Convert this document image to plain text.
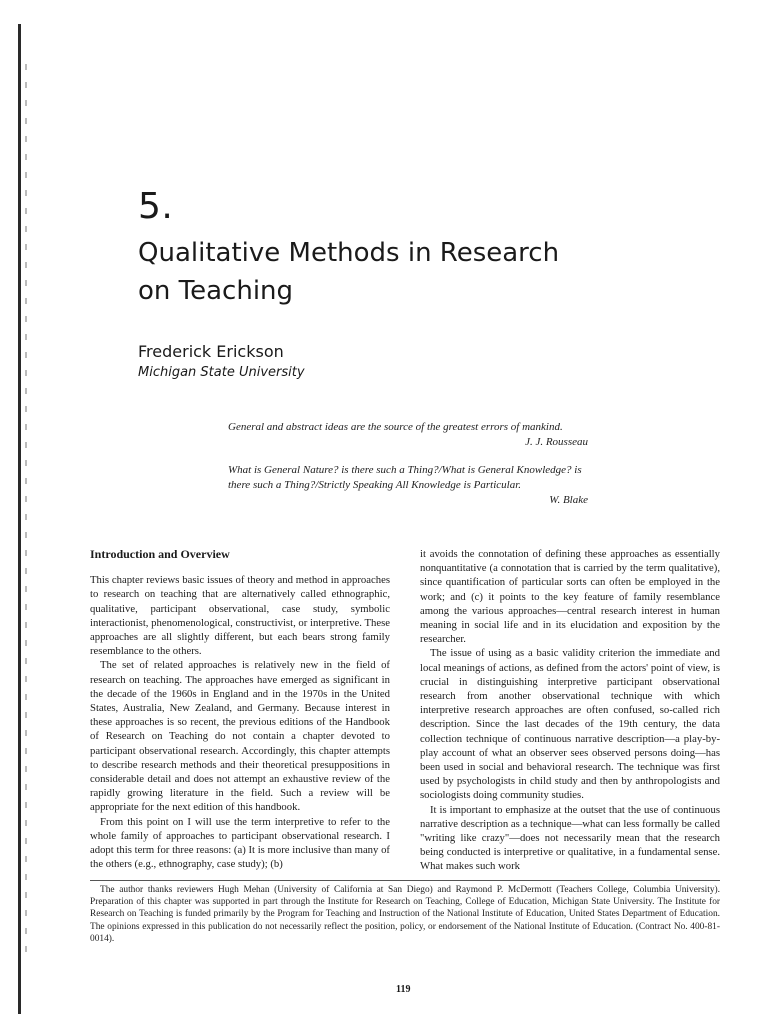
5.
Qualitative Methods in Research on Teaching
Frederick Erickson
Michigan State University
General and abstract ideas are the source of the greatest errors of mankind.
J. J. Rousseau
What is General Nature? is there such a Thing?/What is General Knowledge? is there such a Thing?/Strictly Speaking All Knowledge is Particular.
W. Blake
Introduction and Overview

This chapter reviews basic issues of theory and method in approaches to research on teaching that are alternatively called ethnographic, qualitative, participant observational, case study, symbolic interactionist, phenomenological, constructivist, or interpretive. These approaches are all slightly different, but each bears strong family resemblance to the others.

The set of related approaches is relatively new in the field of research on teaching. The approaches have emerged as significant in the decade of the 1960s in England and in the 1970s in the United States, Australia, New Zealand, and Germany. Because interest in these approaches is so recent, the previous editions of the Handbook of Research on Teaching do not contain a chapter devoted to participant observational research. Accordingly, this chapter attempts to describe research methods and their theoretical presuppositions in considerable detail and does not attempt an exhaustive review of the rapidly growing literature in the field. Such a review will be appropriate for the next edition of this handbook.

From this point on I will use the term interpretive to refer to the whole family of approaches to participant observational research. I adopt this term for three reasons: (a) It is more inclusive than many of the others (e.g., ethnography, case study); (b)

it avoids the connotation of defining these approaches as essentially nonquantitative (a connotation that is carried by the term qualitative), since quantification of particular sorts can often be employed in the work; and (c) it points to the key feature of family resemblance among the various approaches—central research interest in human meaning in social life and in its elucidation and exposition by the researcher.

The issue of using as a basic validity criterion the immediate and local meanings of actions, as defined from the actors' point of view, is crucial in distinguishing interpretive participant observational research from another observational technique with which interpretive research approaches are often confused, so-called rich description. Since the last decades of the 19th century, the data collection technique of continuous narrative description—a play-by-play account of what an observer sees observed persons doing—has been used in social and behavioral research. The technique was first used by psychologists in child study and then by anthropologists and sociologists doing community studies.

It is important to emphasize at the outset that the use of continuous narrative description as a technique—what can less formally be called "writing like crazy"—does not necessarily mean that the research being conducted is interpretive or qualitative, in a fundamental sense. What makes such work

The author thanks reviewers Hugh Mehan (University of California at San Diego) and Raymond P. McDermott (Teachers College, Columbia University). Preparation of this chapter was supported in part through the Institute for Research on Teaching, College of Education, Michigan State University. The Institute for Research on Teaching is funded primarily by the Program for Teaching and Instruction of the National Institute of Education, United States Department of Education. The opinions expressed in this publication do not necessarily reflect the position, policy, or endorsement of the National Institute of Education. (Contract No. 400-81-0014).
119
